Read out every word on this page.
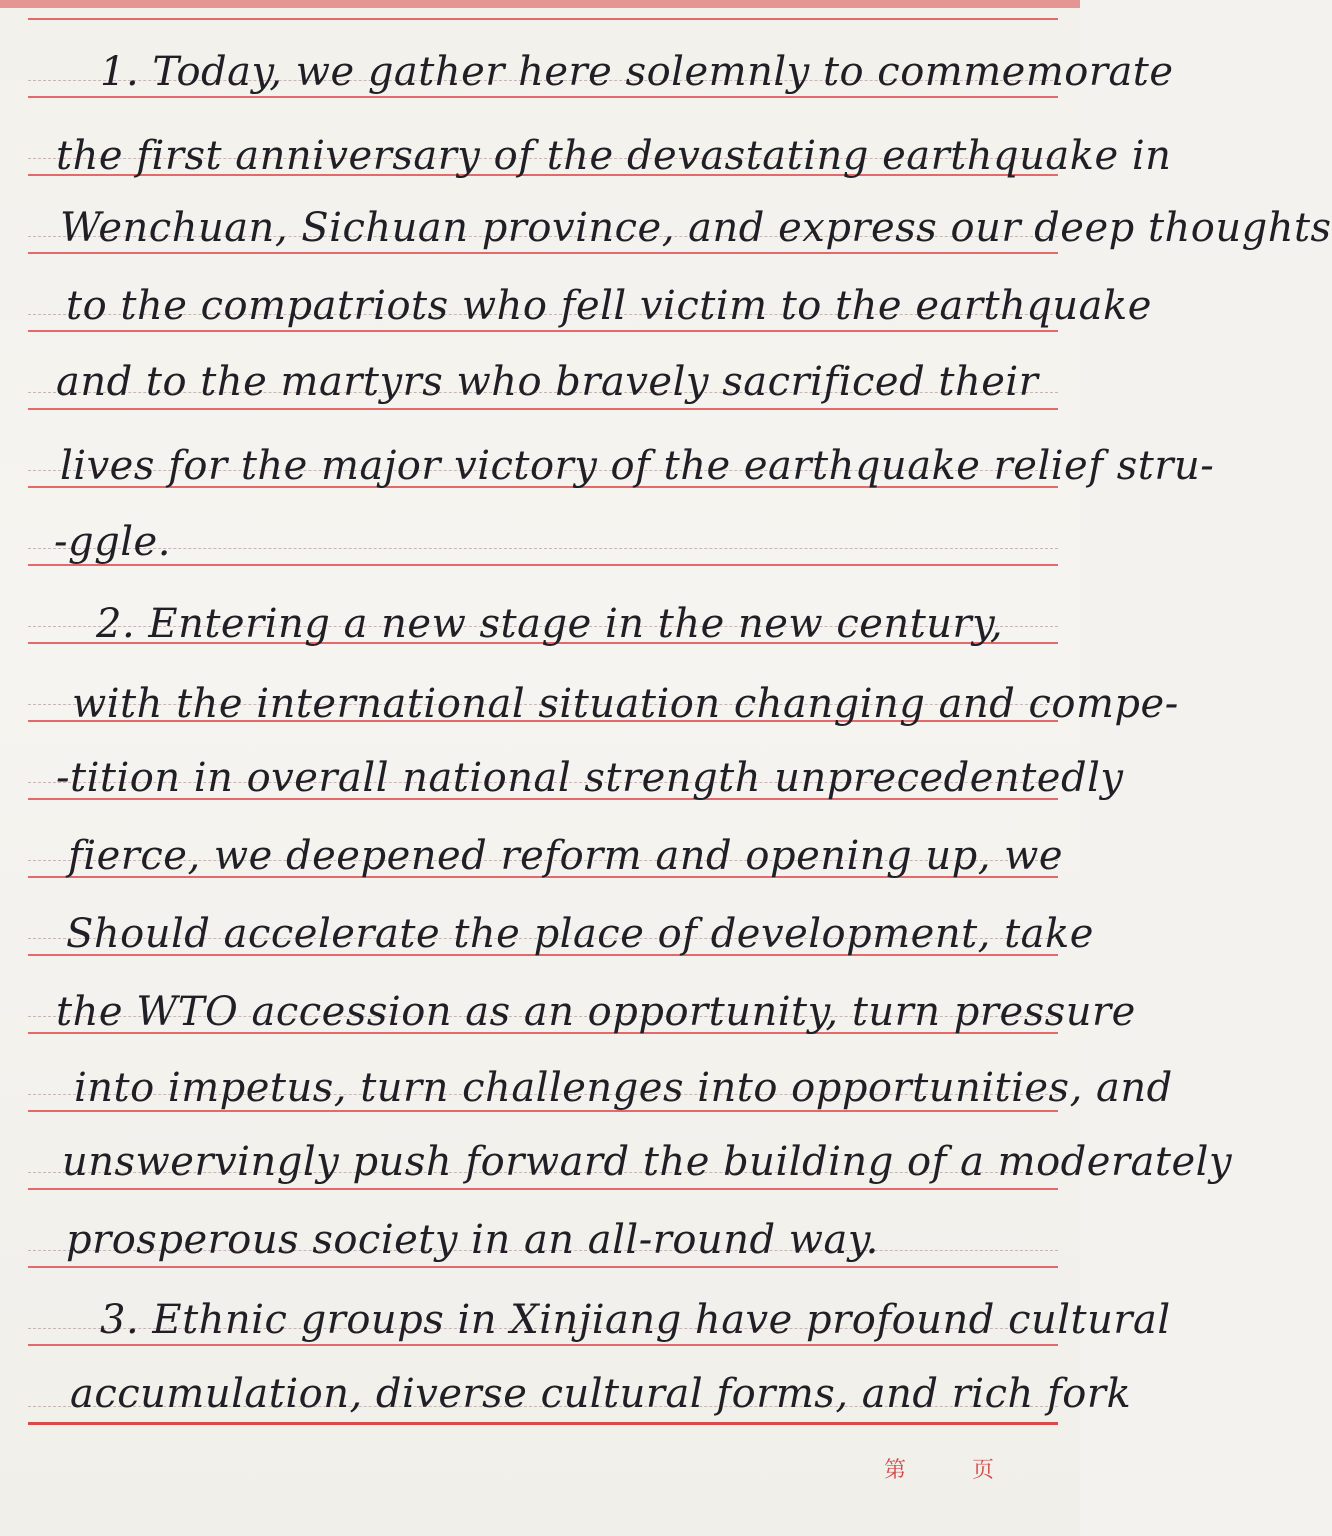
1. Today, we gather here solemnly to commemorate
the first anniversary of the devastating earthquake in
Wenchuan, Sichuan province, and express our deep thoughts
to the compatriots who fell victim to the earthquake
and to the martyrs who bravely sacrificed their
lives for the major victory of the earthquake relief stru-
-ggle.
2. Entering a new stage in the new century,
with the international situation changing and compe-
-tition in overall national strength unprecedentedly
fierce, we deepened reform and opening up, we
Should accelerate the place of development, take
the WTO accession as an opportunity, turn pressure
into impetus, turn challenges into opportunities, and
unswervingly push forward the building of a moderately
prosperous society in an all-round way.
3. Ethnic groups in Xinjiang have profound cultural
accumulation, diverse cultural forms, and rich fork
第	页
